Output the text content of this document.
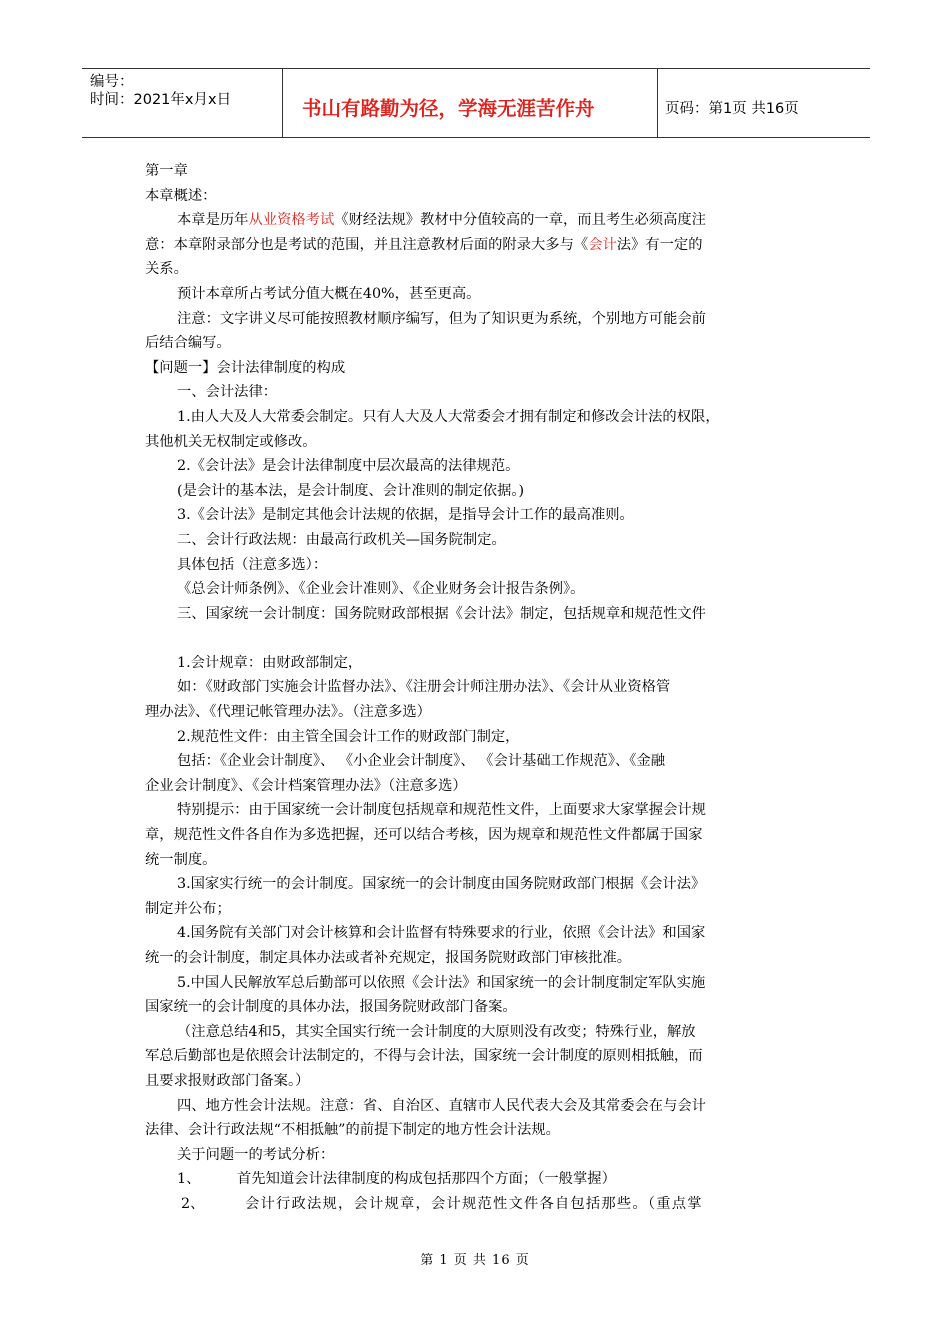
编号：
时间：2021年x月x日	书山有路勤为径，学海无涯苦作舟	页码：第1页 共16页

第一章

本章概述：

本章是历年从业资格考试《财经法规》教材中分值较高的一章，而且考生必须高度注

意：本章附录部分也是考试的范围，并且注意教材后面的附录大多与《会计法》有一定的

关系。

预计本章所占考试分值大概在40%，甚至更高。

注意：文字讲义尽可能按照教材顺序编写，但为了知识更为系统，个别地方可能会前

后结合编写。

【问题一】会计法律制度的构成

一、会计法律：

1.由人大及人大常委会制定。只有人大及人大常委会才拥有制定和修改会计法的权限，

其他机关无权制定或修改。

2.《会计法》是会计法律制度中层次最高的法律规范。

(是会计的基本法，是会计制度、会计准则的制定依据。)

3.《会计法》是制定其他会计法规的依据，是指导会计工作的最高准则。

二、会计行政法规：由最高行政机关—国务院制定。

具体包括（注意多选）：

《总会计师条例》、《企业会计准则》、《企业财务会计报告条例》。

三、国家统一会计制度：国务院财政部根据《会计法》制定，包括规章和规范性文件

1.会计规章：由财政部制定，

如：《财政部门实施会计监督办法》、《注册会计师注册办法》、《会计从业资格管

理办法》、《代理记帐管理办法》。（注意多选）

2.规范性文件：由主管全国会计工作的财政部门制定，

包括：《企业会计制度》、 《小企业会计制度》、 《会计基础工作规范》、《金融

企业会计制度》、《会计档案管理办法》（注意多选）

特别提示：由于国家统一会计制度包括规章和规范性文件，上面要求大家掌握会计规

章，规范性文件各自作为多选把握，还可以结合考核，因为规章和规范性文件都属于国家

统一制度。

3.国家实行统一的会计制度。国家统一的会计制度由国务院财政部门根据《会计法》

制定并公布；

4.国务院有关部门对会计核算和会计监督有特殊要求的行业，依照《会计法》和国家

统一的会计制度，制定具体办法或者补充规定，报国务院财政部门审核批准。

5.中国人民解放军总后勤部可以依照《会计法》和国家统一的会计制度制定军队实施

国家统一的会计制度的具体办法，报国务院财政部门备案。

（注意总结4和5，其实全国实行统一会计制度的大原则没有改变；特殊行业，解放

军总后勤部也是依照会计法制定的，不得与会计法，国家统一会计制度的原则相抵触，而

且要求报财政部门备案。）

四、地方性会计法规。注意：省、自治区、直辖市人民代表大会及其常委会在与会计

法律、会计行政法规“不相抵触”的前提下制定的地方性会计法规。

关于问题一的考试分析：

1、	首先知道会计法律制度的构成包括那四个方面；（一般掌握）

2、	会计行政法规，会计规章，会计规范性文件各自包括那些。（重点掌

第 1 页 共 16 页
